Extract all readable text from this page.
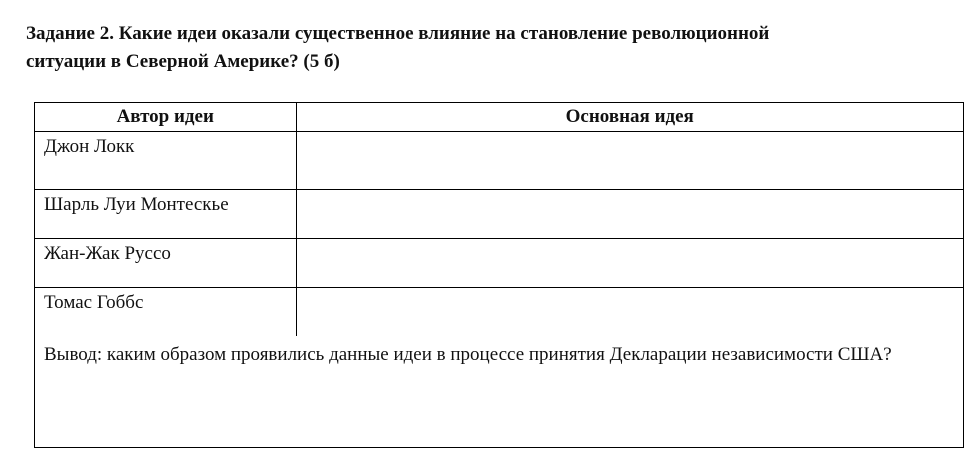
Задание 2. Какие идеи оказали существенное влияние на становление революционной
ситуации в Северной Америке? (5 б)
Автор идеи	Основная идея
Джон Локк	
Шарль Луи Монтескье	
Жан-Жак Руссо	
Томас Гоббс	

Вывод: каким образом проявились данные идеи в процессе принятия Декларации независимости США?
